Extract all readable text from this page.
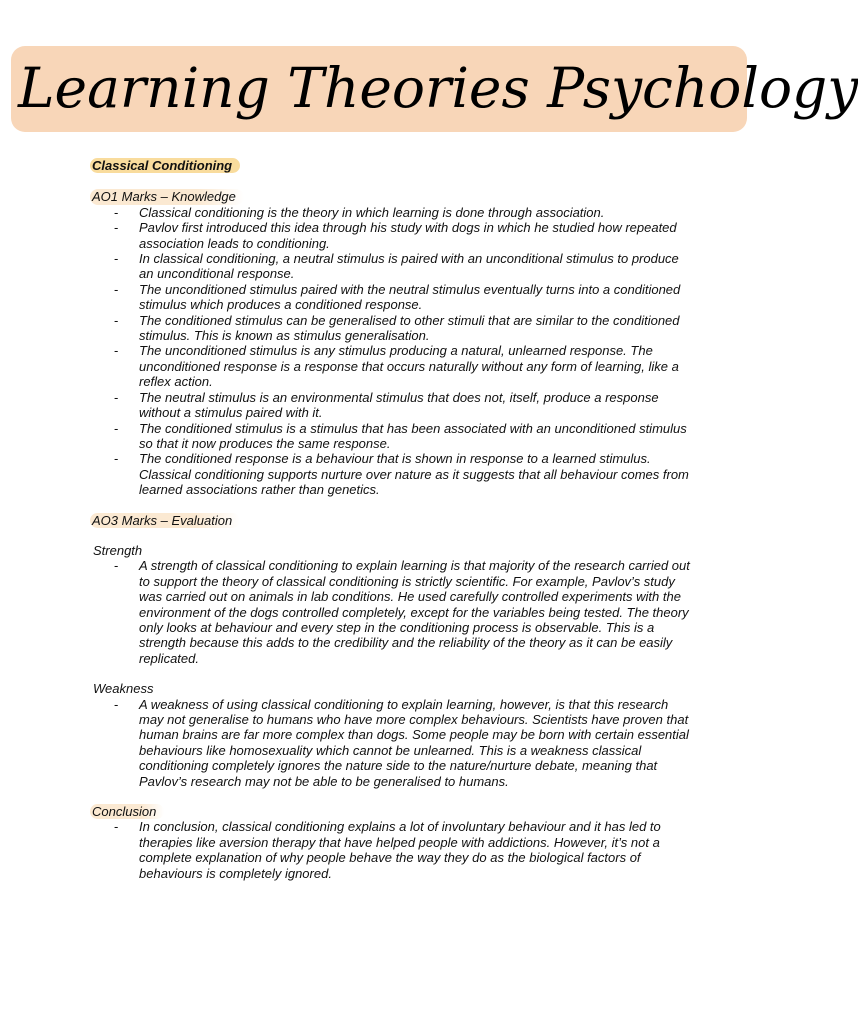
Learning Theories Psychology
Classical Conditioning
AO1 Marks – Knowledge
- Classical conditioning is the theory in which learning is done through association.
- Pavlov first introduced this idea through his study with dogs in which he studied how repeated association leads to conditioning.
- In classical conditioning, a neutral stimulus is paired with an unconditional stimulus to produce an unconditional response.
- The unconditioned stimulus paired with the neutral stimulus eventually turns into a conditioned stimulus which produces a conditioned response.
- The conditioned stimulus can be generalised to other stimuli that are similar to the conditioned stimulus. This is known as stimulus generalisation.
- The unconditioned stimulus is any stimulus producing a natural, unlearned response. The unconditioned response is a response that occurs naturally without any form of learning, like a reflex action.
- The neutral stimulus is an environmental stimulus that does not, itself, produce a response without a stimulus paired with it.
- The conditioned stimulus is a stimulus that has been associated with an unconditioned stimulus so that it now produces the same response.
- The conditioned response is a behaviour that is shown in response to a learned stimulus. Classical conditioning supports nurture over nature as it suggests that all behaviour comes from learned associations rather than genetics.
AO3 Marks – Evaluation
Strength
- A strength of classical conditioning to explain learning is that majority of the research carried out to support the theory of classical conditioning is strictly scientific. For example, Pavlov’s study was carried out on animals in lab conditions. He used carefully controlled experiments with the environment of the dogs controlled completely, except for the variables being tested. The theory only looks at behaviour and every step in the conditioning process is observable. This is a strength because this adds to the credibility and the reliability of the theory as it can be easily replicated.
Weakness
- A weakness of using classical conditioning to explain learning, however, is that this research may not generalise to humans who have more complex behaviours. Scientists have proven that human brains are far more complex than dogs. Some people may be born with certain essential behaviours like homosexuality which cannot be unlearned. This is a weakness classical conditioning completely ignores the nature side to the nature/nurture debate, meaning that Pavlov’s research may not be able to be generalised to humans.
Conclusion
- In conclusion, classical conditioning explains a lot of involuntary behaviour and it has led to therapies like aversion therapy that have helped people with addictions. However, it’s not a complete explanation of why people behave the way they do as the biological factors of behaviours is completely ignored.
